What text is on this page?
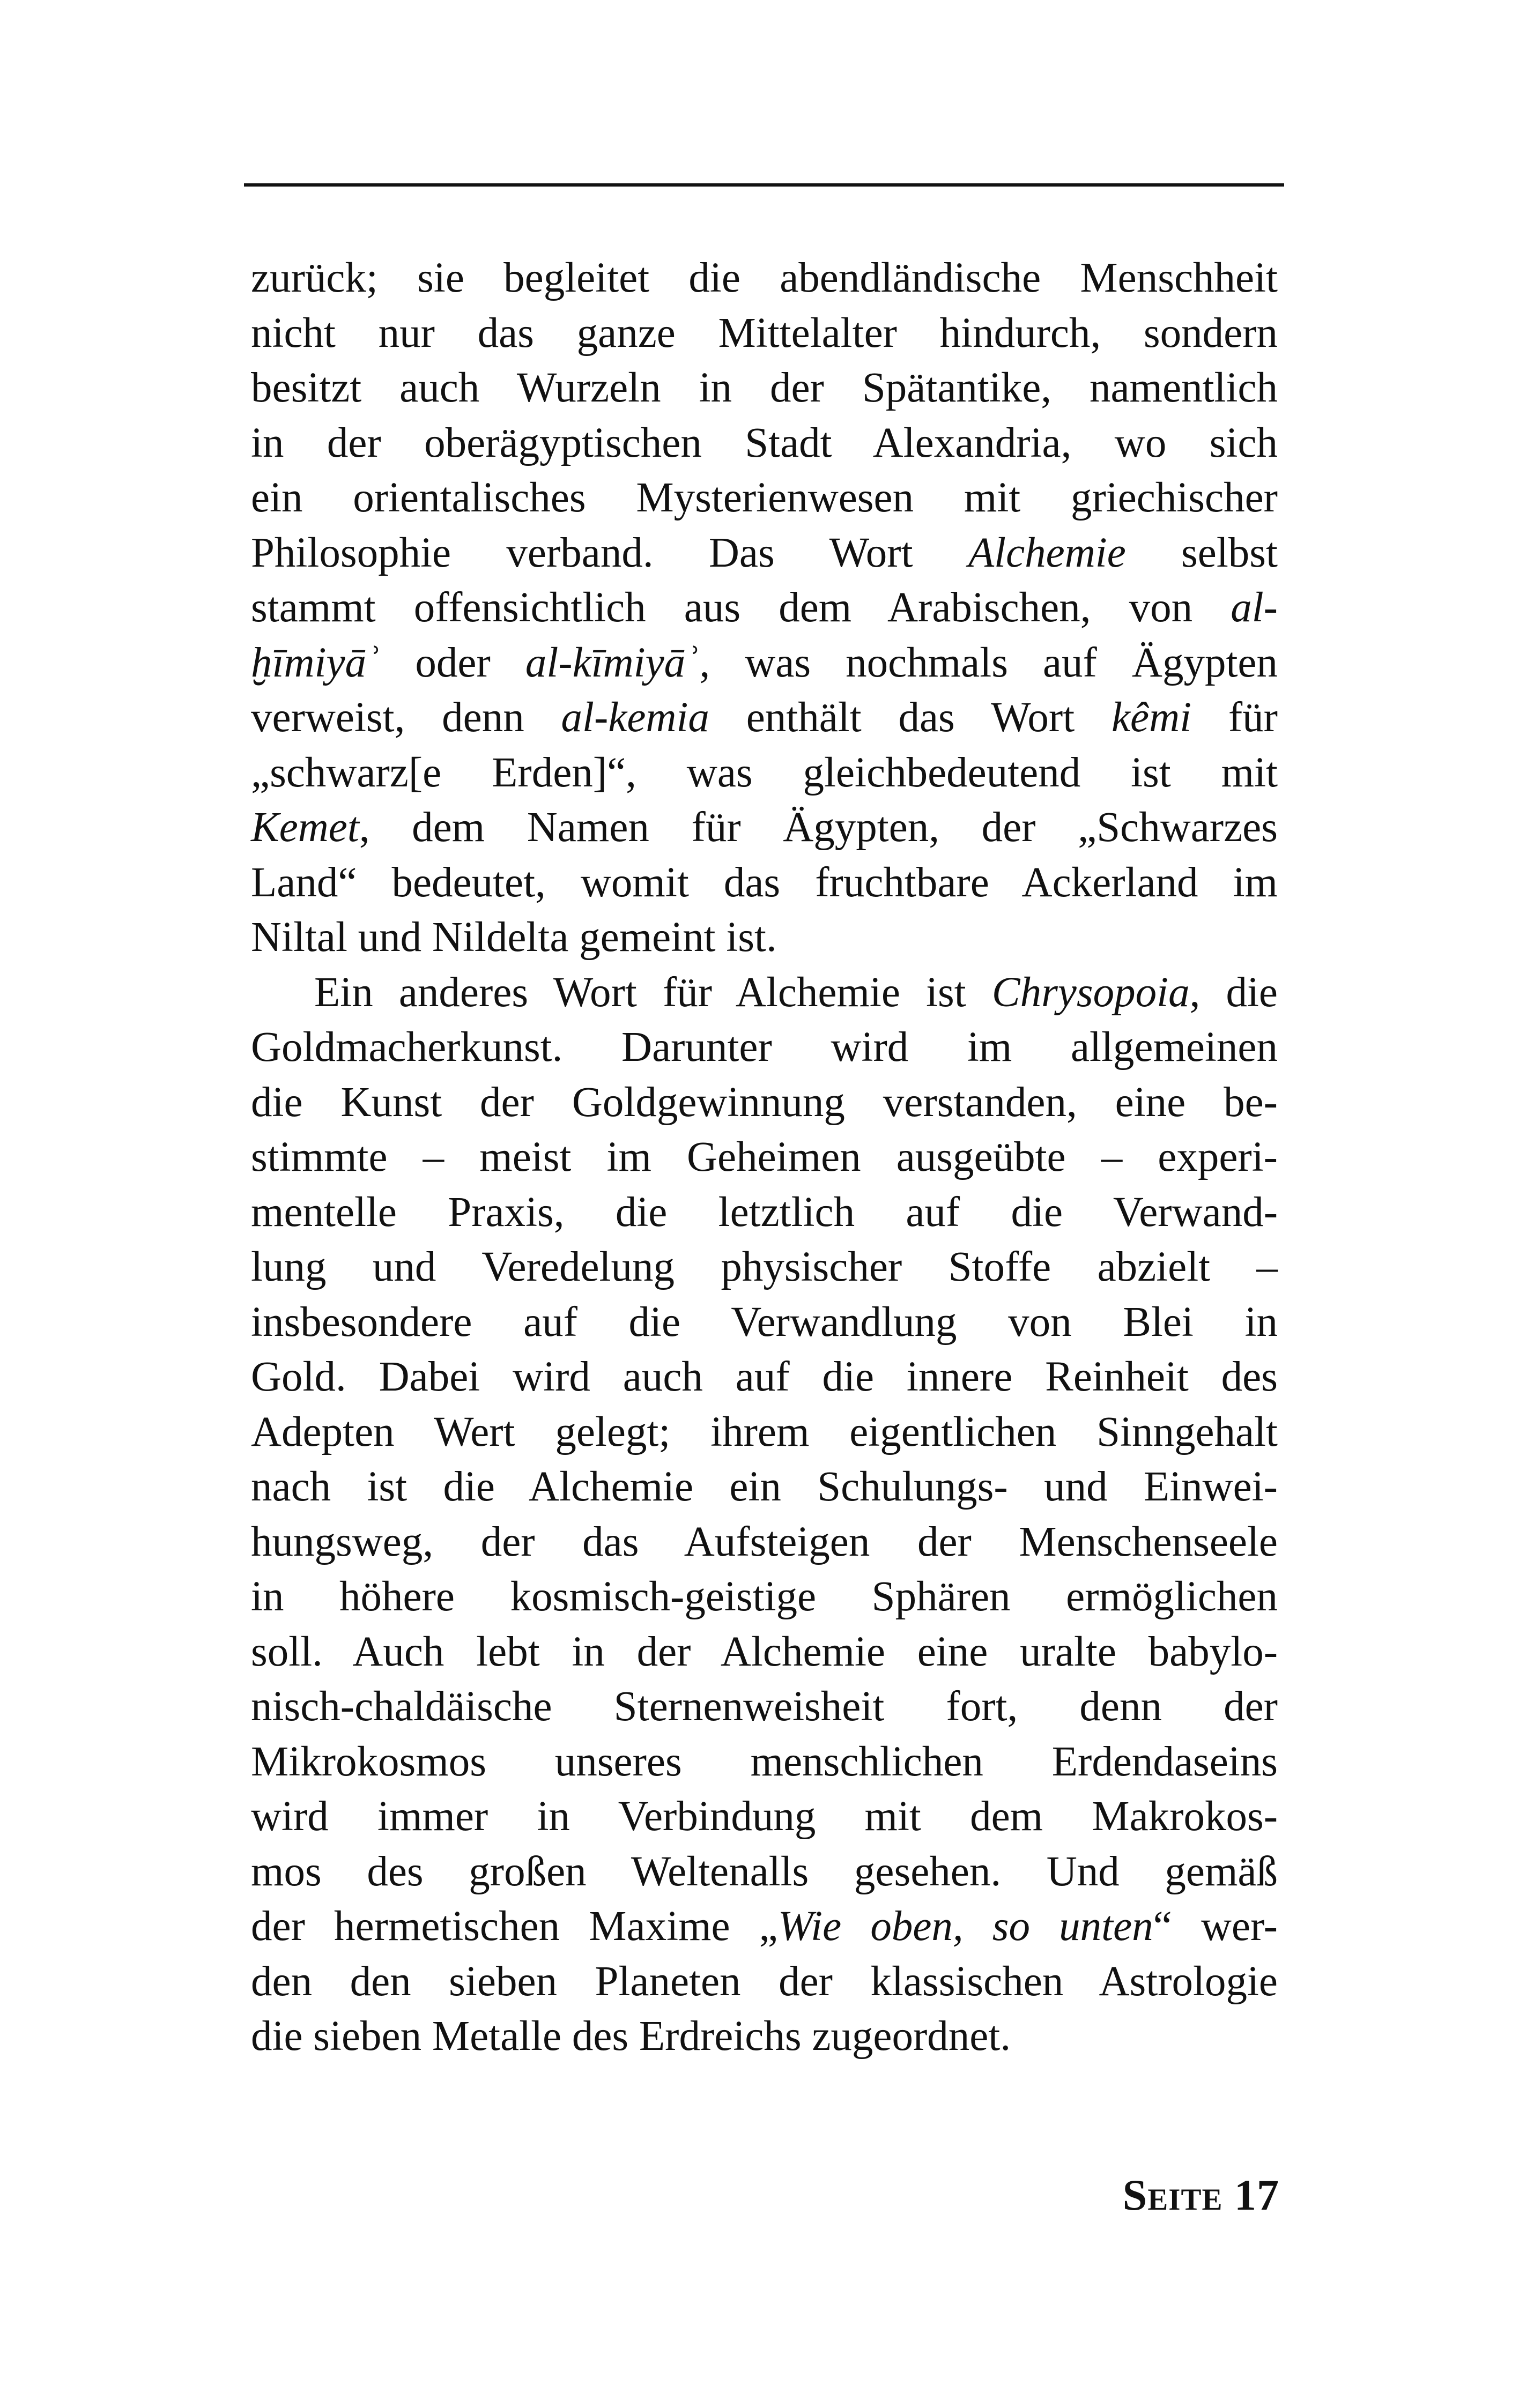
zurück; sie begleitet die abendländische Menschheit
nicht nur das ganze Mittelalter hindurch, sondern
besitzt auch Wurzeln in der Spätantike, namentlich
in der oberägyptischen Stadt Alexandria, wo sich
ein orientalisches Mysterienwesen mit griechischer
Philosophie verband. Das Wort Alchemie selbst
stammt offensichtlich aus dem Arabischen, von al-
ḫīmiyāʾ oder al-kīmiyāʾ, was nochmals auf Ägypten
verweist, denn al-kemia enthält das Wort kêmi für
„schwarz[e Erden]“, was gleichbedeutend ist mit
Kemet, dem Namen für Ägypten, der „Schwarzes
Land“ bedeutet, womit das fruchtbare Ackerland im
Niltal und Nildelta gemeint ist.
Ein anderes Wort für Alchemie ist Chrysopoia, die
Goldmacherkunst. Darunter wird im allgemeinen
die Kunst der Goldgewinnung verstanden, eine be-
stimmte – meist im Geheimen ausgeübte – experi-
mentelle Praxis, die letztlich auf die Verwand-
lung und Veredelung physischer Stoffe abzielt –
insbesondere auf die Verwandlung von Blei in
Gold. Dabei wird auch auf die innere Reinheit des
Adepten Wert gelegt; ihrem eigentlichen Sinngehalt
nach ist die Alchemie ein Schulungs- und Einwei-
hungsweg, der das Aufsteigen der Menschenseele
in höhere kosmisch-geistige Sphären ermöglichen
soll. Auch lebt in der Alchemie eine uralte babylo-
nisch-chaldäische Sternenweisheit fort, denn der
Mikrokosmos unseres menschlichen Erdendaseins
wird immer in Verbindung mit dem Makrokos-
mos des großen Weltenalls gesehen. Und gemäß
der hermetischen Maxime „Wie oben, so unten“ wer-
den den sieben Planeten der klassischen Astrologie
die sieben Metalle des Erdreichs zugeordnet.
Seite 17
